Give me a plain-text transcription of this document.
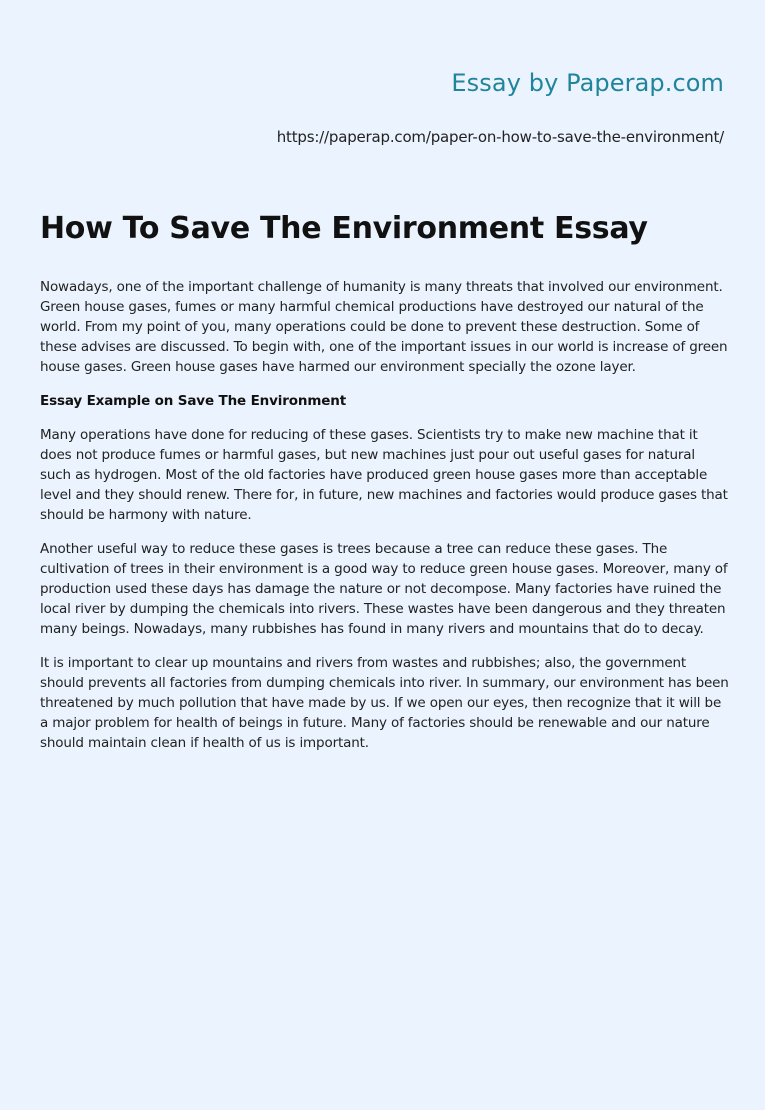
Essay by Paperap.com
https://paperap.com/paper-on-how-to-save-the-environment/
How To Save The Environment Essay

Nowadays, one of the important challenge of humanity is many threats that involved our environment. Green house gases, fumes or many harmful chemical productions have destroyed our natural of the world. From my point of you, many operations could be done to prevent these destruction. Some of these advises are discussed. To begin with, one of the important issues in our world is increase of green house gases. Green house gases have harmed our environment specially the ozone layer.

Essay Example on Save The Environment

Many operations have done for reducing of these gases. Scientists try to make new machine that it does not produce fumes or harmful gases, but new machines just pour out useful gases for natural such as hydrogen. Most of the old factories have produced green house gases more than acceptable level and they should renew. There for, in future, new machines and factories would produce gases that should be harmony with nature.

Another useful way to reduce these gases is trees because a tree can reduce these gases. The cultivation of trees in their environment is a good way to reduce green house gases. Moreover, many of production used these days has damage the nature or not decompose. Many factories have ruined the local river by dumping the chemicals into rivers. These wastes have been dangerous and they threaten many beings. Nowadays, many rubbishes has found in many rivers and mountains that do to decay.

It is important to clear up mountains and rivers from wastes and rubbishes; also, the government should prevents all factories from dumping chemicals into river. In summary, our environment has been threatened by much pollution that have made by us. If we open our eyes, then recognize that it will be a major problem for health of beings in future. Many of factories should be renewable and our nature should maintain clean if health of us is important.
